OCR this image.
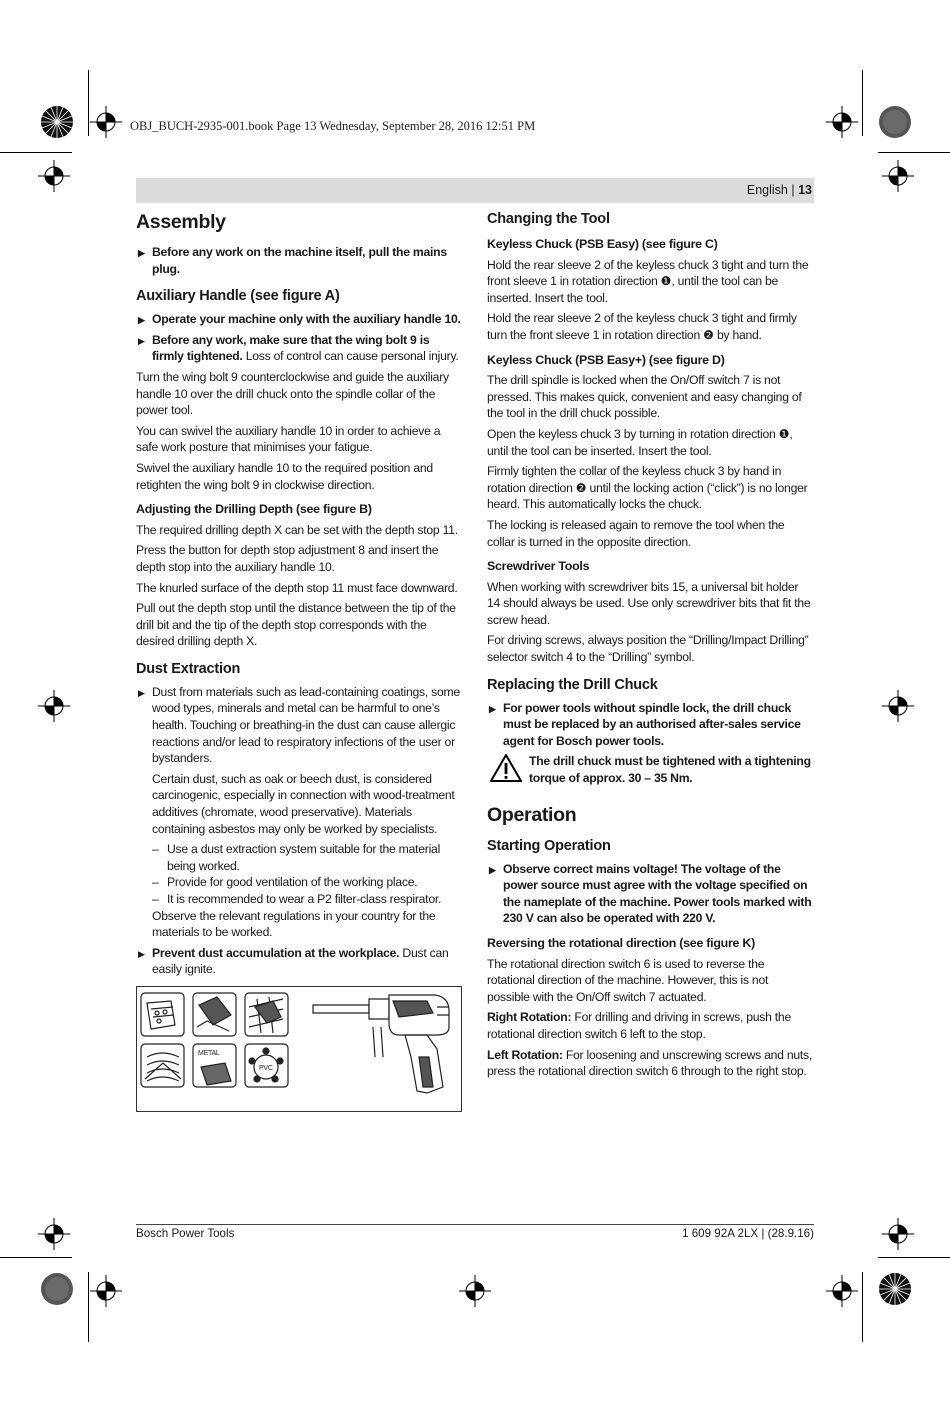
OBJ_BUCH-2935-001.book Page 13 Wednesday, September 28, 2016 12:51 PM
English | 13
Assembly
▶ Before any work on the machine itself, pull the mains plug.
Auxiliary Handle (see figure A)
▶ Operate your machine only with the auxiliary handle 10.
▶ Before any work, make sure that the wing bolt 9 is firmly tightened. Loss of control can cause personal injury.

Turn the wing bolt 9 counterclockwise and guide the auxiliary handle 10 over the drill chuck onto the spindle collar of the power tool.

You can swivel the auxiliary handle 10 in order to achieve a safe work posture that minimises your fatigue.

Swivel the auxiliary handle 10 to the required position and retighten the wing bolt 9 in clockwise direction.

Adjusting the Drilling Depth (see figure B)

The required drilling depth X can be set with the depth stop 11.

Press the button for depth stop adjustment 8 and insert the depth stop into the auxiliary handle 10.

The knurled surface of the depth stop 11 must face downward.

Pull out the depth stop until the distance between the tip of the drill bit and the tip of the depth stop corresponds with the desired drilling depth X.

Dust Extraction
▶ Dust from materials such as lead-containing coatings, some wood types, minerals and metal can be harmful to one’s health. Touching or breathing-in the dust can cause allergic reactions and/or lead to respiratory infections of the user or bystanders.

Certain dust, such as oak or beech dust, is considered carcinogenic, especially in connection with wood-treatment additives (chromate, wood preservative). Materials containing asbestos may only be worked by specialists.

– Use a dust extraction system suitable for the material being worked.
– Provide for good ventilation of the working place.
– It is recommended to wear a P2 filter-class respirator.

Observe the relevant regulations in your country for the materials to be worked.

▶ Prevent dust accumulation at the workplace. Dust can easily ignite.
METAL
PVC
Changing the Tool
Keyless Chuck (PSB Easy) (see figure C)

Hold the rear sleeve 2 of the keyless chuck 3 tight and turn the front sleeve 1 in rotation direction ❶, until the tool can be inserted. Insert the tool.

Hold the rear sleeve 2 of the keyless chuck 3 tight and firmly turn the front sleeve 1 in rotation direction ❷ by hand.

Keyless Chuck (PSB Easy+) (see figure D)

The drill spindle is locked when the On/Off switch 7 is not pressed. This makes quick, convenient and easy changing of the tool in the drill chuck possible.

Open the keyless chuck 3 by turning in rotation direction ❶, until the tool can be inserted. Insert the tool.

Firmly tighten the collar of the keyless chuck 3 by hand in rotation direction ❷ until the locking action (“click”) is no longer heard. This automatically locks the chuck.

The locking is released again to remove the tool when the collar is turned in the opposite direction.

Screwdriver Tools

When working with screwdriver bits 15, a universal bit holder 14 should always be used. Use only screwdriver bits that fit the screw head.

For driving screws, always position the “Drilling/Impact Drilling” selector switch 4 to the “Drilling” symbol.

Replacing the Drill Chuck
▶ For power tools without spindle lock, the drill chuck must be replaced by an authorised after-sales service agent for Bosch power tools.
The drill chuck must be tightened with a tightening torque of approx. 30 – 35 Nm.
Operation
Starting Operation
▶ Observe correct mains voltage! The voltage of the power source must agree with the voltage specified on the nameplate of the machine. Power tools marked with 230 V can also be operated with 220 V.
Reversing the rotational direction (see figure K)

The rotational direction switch 6 is used to reverse the rotational direction of the machine. However, this is not possible with the On/Off switch 7 actuated.

Right Rotation: For drilling and driving in screws, push the rotational direction switch 6 left to the stop.

Left Rotation: For loosening and unscrewing screws and nuts, press the rotational direction switch 6 through to the right stop.

Bosch Power Tools	1 609 92A 2LX | (28.9.16)
